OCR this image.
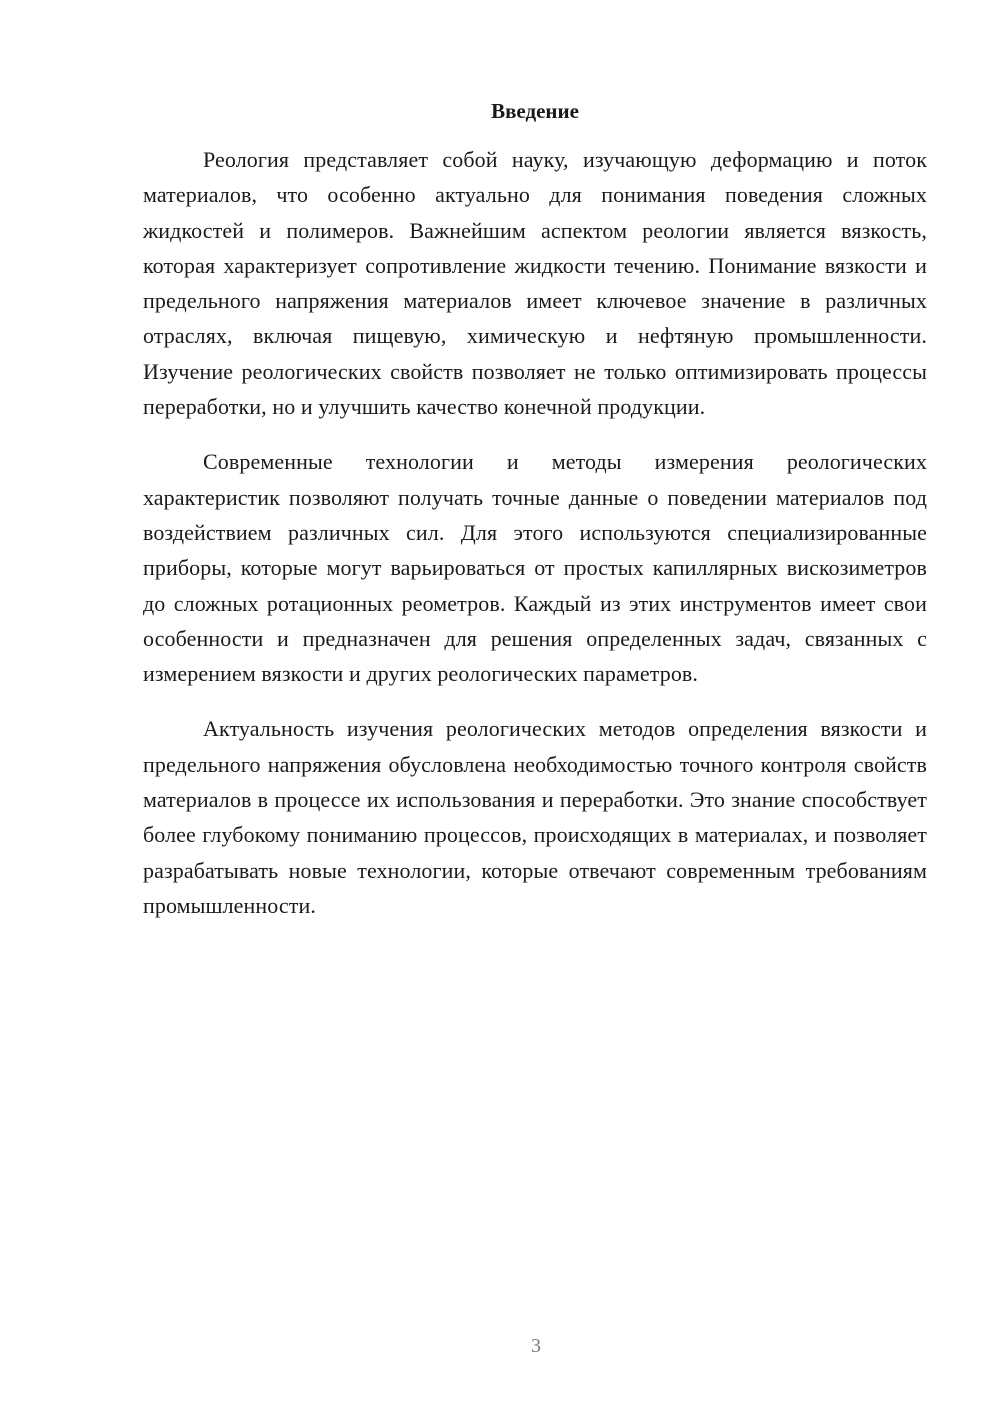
Введение

Реология представляет собой науку, изучающую деформацию и поток материалов, что особенно актуально для понимания поведения сложных жидкостей и полимеров. Важнейшим аспектом реологии является вязкость, которая характеризует сопротивление жидкости течению. Понимание вязкости и предельного напряжения материалов имеет ключевое значение в различных отраслях, включая пищевую, химическую и нефтяную промышленности. Изучение реологических свойств позволяет не только оптимизировать процессы переработки, но и улучшить качество конечной продукции.

Современные технологии и методы измерения реологических характеристик позволяют получать точные данные о поведении материалов под воздействием различных сил. Для этого используются специализированные приборы, которые могут варьироваться от простых капиллярных вискозиметров до сложных ротационных реометров. Каждый из этих инструментов имеет свои особенности и предназначен для решения определенных задач, связанных с измерением вязкости и других реологических параметров.

Актуальность изучения реологических методов определения вязкости и предельного напряжения обусловлена необходимостью точного контроля свойств материалов в процессе их использования и переработки. Это знание способствует более глубокому пониманию процессов, происходящих в материалах, и позволяет разрабатывать новые технологии, которые отвечают современным требованиям промышленности.

3
